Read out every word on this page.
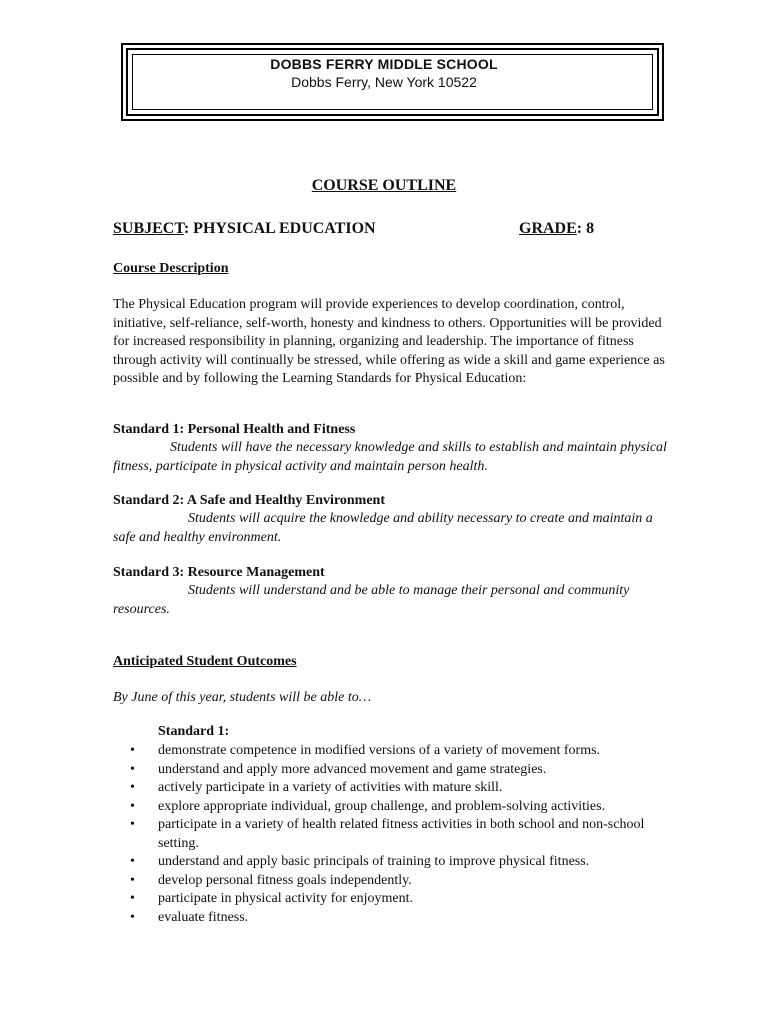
DOBBS FERRY MIDDLE SCHOOL
Dobbs Ferry, New York 10522
COURSE OUTLINE
SUBJECT: PHYSICAL EDUCATION	GRADE: 8
Course Description
The Physical Education program will provide experiences to develop coordination, control, initiative, self-reliance, self-worth, honesty and kindness to others. Opportunities will be provided for increased responsibility in planning, organizing and leadership. The importance of fitness through activity will continually be stressed, while offering as wide a skill and game experience as possible and by following the Learning Standards for Physical Education:
Standard 1: Personal Health and Fitness
Students will have the necessary knowledge and skills to establish and maintain physical fitness, participate in physical activity and maintain person health.
Standard 2: A Safe and Healthy Environment
Students will acquire the knowledge and ability necessary to create and maintain a safe and healthy environment.
Standard 3: Resource Management
Students will understand and be able to manage their personal and community resources.
Anticipated Student Outcomes
By June of this year, students will be able to…
Standard 1:
• demonstrate competence in modified versions of a variety of movement forms.
• understand and apply more advanced movement and game strategies.
• actively participate in a variety of activities with mature skill.
• explore appropriate individual, group challenge, and problem-solving activities.
• participate in a variety of health related fitness activities in both school and non-school setting.
• understand and apply basic principals of training to improve physical fitness.
• develop personal fitness goals independently.
• participate in physical activity for enjoyment.
• evaluate fitness.
